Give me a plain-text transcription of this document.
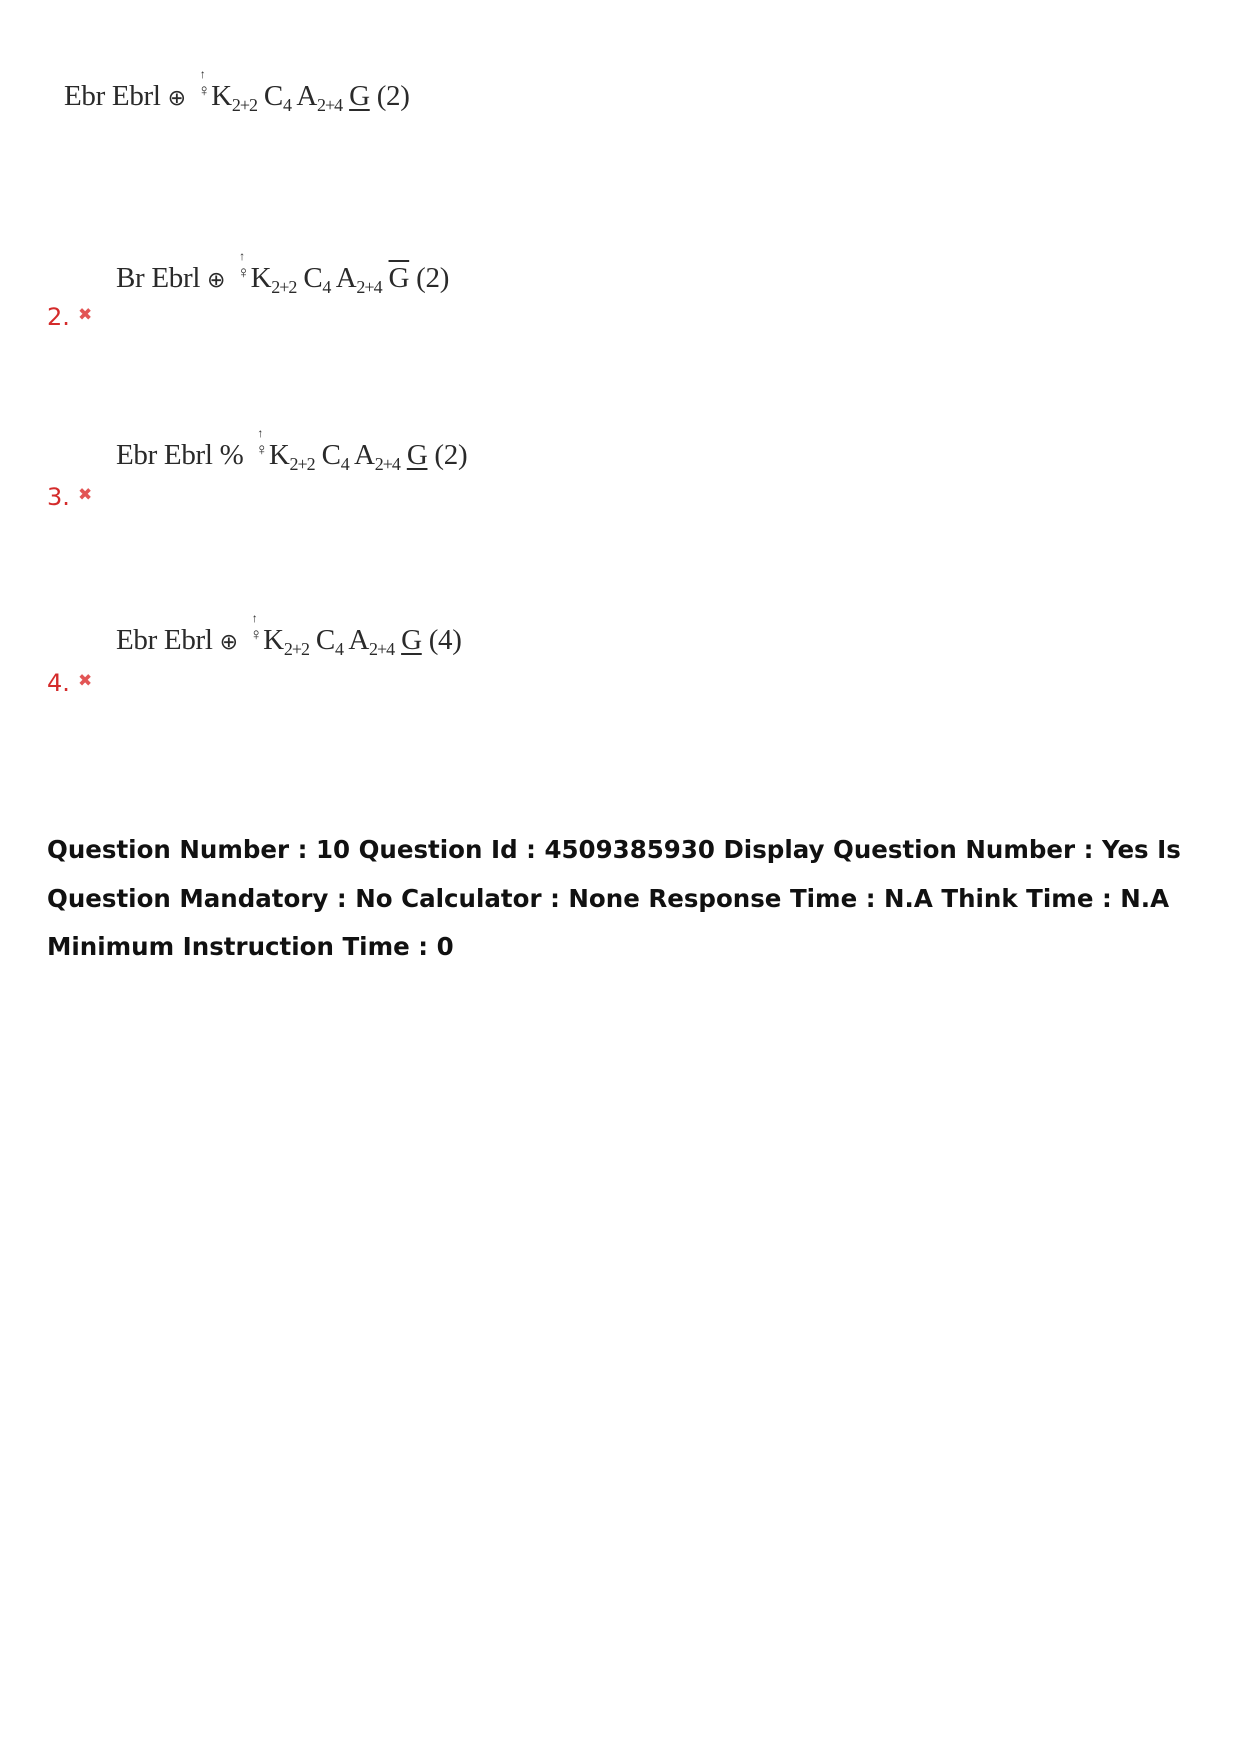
Ebr Ebrl ⊕
↑
$♀K_{2+2}$ $C_4$ $A_{2+4}$ G (2)
Br Ebrl ⊕
↑
$♀K_{2+2}$ $C_4$ $A_{2+4}$ $\overline{G}$ (2)
2. ✖
Ebr Ebrl %
↑
$♀K_{2+2}$ $C_4$ $A_{2+4}$ G (2)
3. ✖
Ebr Ebrl ⊕
↑
$♀K_{2+2}$ $C_4$ $A_{2+4}$ G (4)
4. ✖
Question Number : 10 Question Id : 4509385930 Display Question Number : Yes Is Question Mandatory : No Calculator : None Response Time : N.A Think Time : N.A Minimum Instruction Time : 0
